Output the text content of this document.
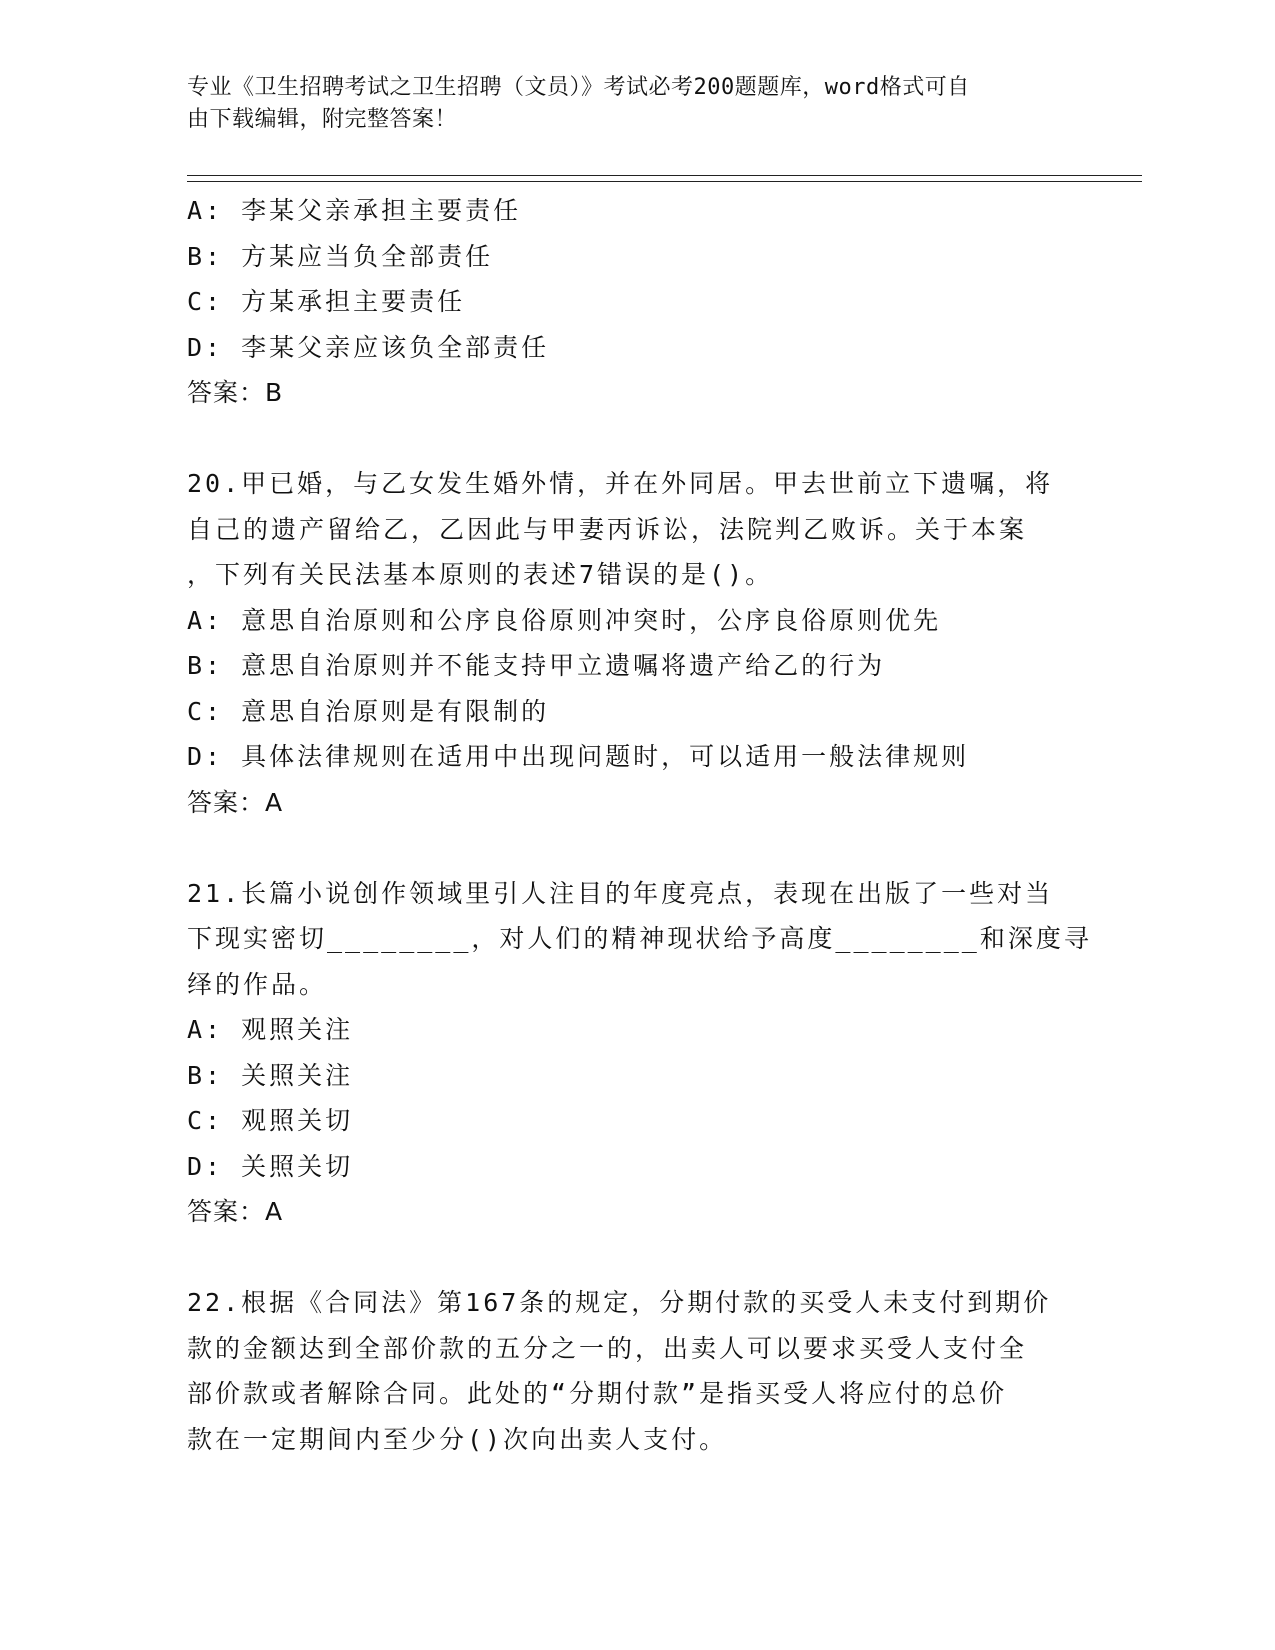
专业《卫生招聘考试之卫生招聘（文员）》考试必考200题题库，word格式可自
由下载编辑，附完整答案！
A: 李某父亲承担主要责任
B: 方某应当负全部责任
C: 方某承担主要责任
D: 李某父亲应该负全部责任
答案：B
20.甲已婚，与乙女发生婚外情，并在外同居。甲去世前立下遗嘱，将
自己的遗产留给乙，乙因此与甲妻丙诉讼，法院判乙败诉。关于本案
，下列有关民法基本原则的表述7错误的是()。
A: 意思自治原则和公序良俗原则冲突时，公序良俗原则优先
B: 意思自治原则并不能支持甲立遗嘱将遗产给乙的行为
C: 意思自治原则是有限制的
D: 具体法律规则在适用中出现问题时，可以适用一般法律规则
答案：A
21.长篇小说创作领域里引人注目的年度亮点，表现在出版了一些对当
下现实密切________，对人们的精神现状给予高度________和深度寻
绎的作品。
A: 观照关注
B: 关照关注
C: 观照关切
D: 关照关切
答案：A
22.根据《合同法》第167条的规定，分期付款的买受人未支付到期价
款的金额达到全部价款的五分之一的，出卖人可以要求买受人支付全
部价款或者解除合同。此处的“分期付款”是指买受人将应付的总价
款在一定期间内至少分()次向出卖人支付。
